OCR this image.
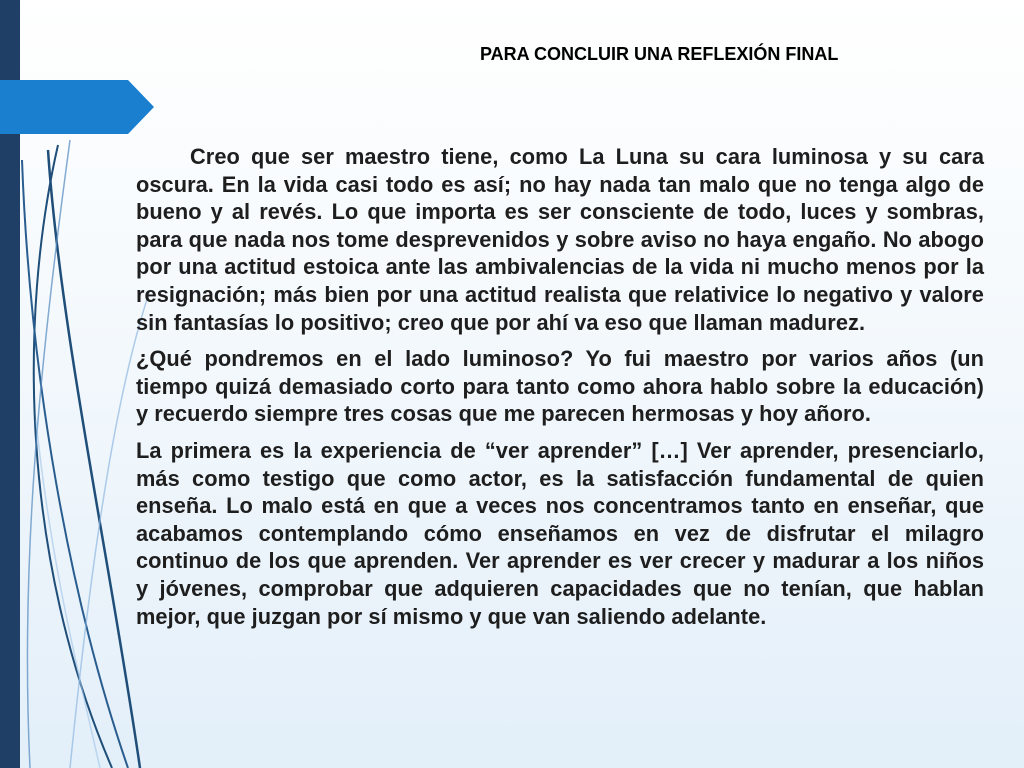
PARA CONCLUIR UNA REFLEXIÓN FINAL

Creo que ser maestro tiene, como La Luna su cara luminosa y su cara oscura. En la vida casi todo es así; no hay nada tan malo que no tenga algo de bueno y al revés. Lo que importa es ser consciente de todo, luces y sombras, para que nada nos tome desprevenidos y sobre aviso no haya engaño. No abogo por una actitud estoica ante las ambivalencias de la vida ni mucho menos por la resignación; más bien por una actitud realista que relativice lo negativo y valore sin fantasías lo positivo; creo que por ahí va eso que llaman madurez.

¿Qué pondremos en el lado luminoso? Yo fui maestro por varios años (un tiempo quizá demasiado corto para tanto como ahora hablo sobre la educación) y recuerdo siempre tres cosas que me parecen hermosas y hoy añoro.

La primera es la experiencia de “ver aprender” […] Ver aprender, presenciarlo, más como testigo que como actor, es la satisfacción fundamental de quien enseña. Lo malo está en que a veces nos concentramos tanto en enseñar, que acabamos contemplando cómo enseñamos en vez de disfrutar el milagro continuo de los que aprenden. Ver aprender es ver crecer y madurar a los niños y jóvenes, comprobar que adquieren capacidades que no tenían, que hablan mejor, que juzgan por sí mismo y que van saliendo adelante.
